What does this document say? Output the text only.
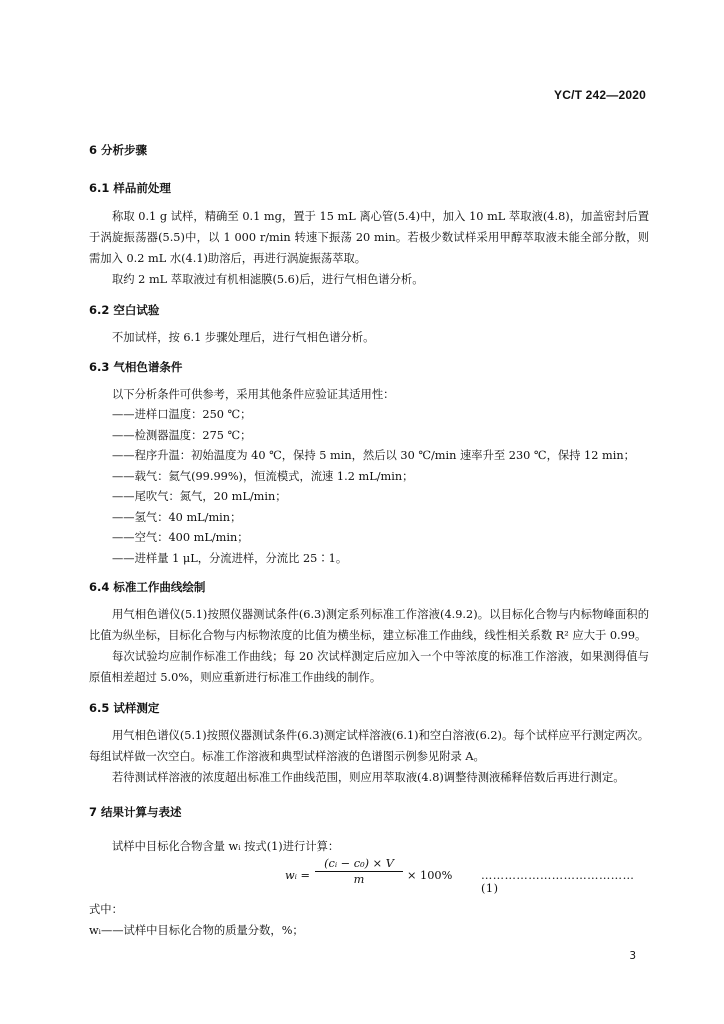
YC/T 242—2020
6 分析步骤
6.1 样品前处理

称取 0.1 g 试样，精确至 0.1 mg，置于 15 mL 离心管(5.4)中，加入 10 mL 萃取液(4.8)，加盖密封后置于涡旋振荡器(5.5)中，以 1 000 r/min 转速下振荡 20 min。若极少数试样采用甲醇萃取液未能全部分散，则需加入 0.2 mL 水(4.1)助溶后，再进行涡旋振荡萃取。

取约 2 mL 萃取液过有机相滤膜(5.6)后，进行气相色谱分析。

6.2 空白试验

不加试样，按 6.1 步骤处理后，进行气相色谱分析。

6.3 气相色谱条件

以下分析条件可供参考，采用其他条件应验证其适用性：

——进样口温度：250 ℃；

——检测器温度：275 ℃；

——程序升温：初始温度为 40 ℃，保持 5 min，然后以 30 ℃/min 速率升至 230 ℃，保持 12 min；

——载气：氦气(99.99%)，恒流模式，流速 1.2 mL/min；

——尾吹气：氮气，20 mL/min；

——氢气：40 mL/min；

——空气：400 mL/min；

——进样量 1 μL，分流进样，分流比 25∶1。

6.4 标准工作曲线绘制

用气相色谱仪(5.1)按照仪器测试条件(6.3)测定系列标准工作溶液(4.9.2)。以目标化合物与内标物峰面积的比值为纵坐标，目标化合物与内标物浓度的比值为横坐标，建立标准工作曲线，线性相关系数 R² 应大于 0.99。

每次试验均应制作标准工作曲线；每 20 次试样测定后应加入一个中等浓度的标准工作溶液，如果测得值与原值相差超过 5.0%，则应重新进行标准工作曲线的制作。

6.5 试样测定

用气相色谱仪(5.1)按照仪器测试条件(6.3)测定试样溶液(6.1)和空白溶液(6.2)。每个试样应平行测定两次。每组试样做一次空白。标准工作溶液和典型试样溶液的色谱图示例参见附录 A。

若待测试样溶液的浓度超出标准工作曲线范围，则应用萃取液(4.8)调整待测液稀释倍数后再进行测定。

7 结果计算与表述

试样中目标化合物含量 wᵢ 按式(1)进行计算：

wᵢ = $\frac{\text{(cᵢ − c₀) × V}}{m} \times 100\%$	…………………………………(1)

式中：

wᵢ——试样中目标化合物的质量分数，%；

3
